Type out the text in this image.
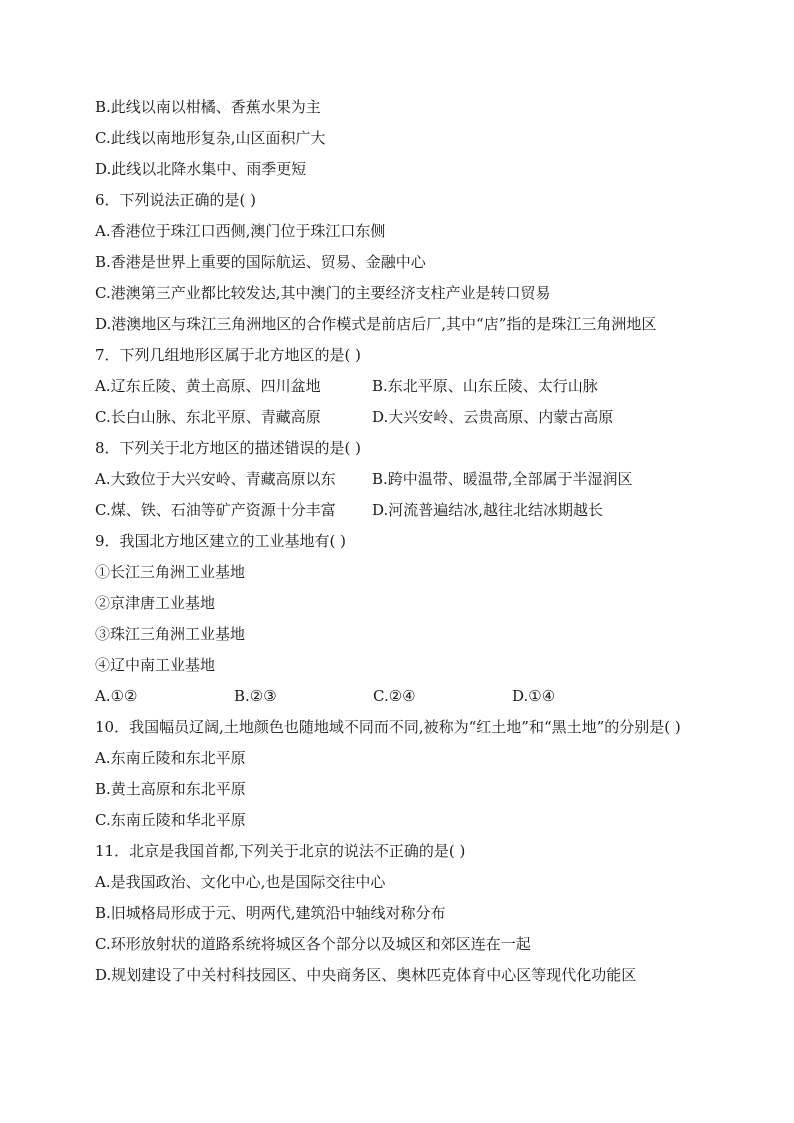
B.此线以南以柑橘、香蕉水果为主
C.此线以南地形复杂,山区面积广大
D.此线以北降水集中、雨季更短
6．下列说法正确的是( )
A.香港位于珠江口西侧,澳门位于珠江口东侧
B.香港是世界上重要的国际航运、贸易、金融中心
C.港澳第三产业都比较发达,其中澳门的主要经济支柱产业是转口贸易
D.港澳地区与珠江三角洲地区的合作模式是前店后厂,其中“店”指的是珠江三角洲地区
7．下列几组地形区属于北方地区的是( )
A.辽东丘陵、黄土高原、四川盆地	B.东北平原、山东丘陵、太行山脉
C.长白山脉、东北平原、青藏高原	D.大兴安岭、云贵高原、内蒙古高原
8．下列关于北方地区的描述错误的是( )
A.大致位于大兴安岭、青藏高原以东	B.跨中温带、暖温带,全部属于半湿润区
C.煤、铁、石油等矿产资源十分丰富	D.河流普遍结冰,越往北结冰期越长
9．我国北方地区建立的工业基地有( )
①长江三角洲工业基地
②京津唐工业基地
③珠江三角洲工业基地
④辽中南工业基地
A.①②	B.②③	C.②④	D.①④
10．我国幅员辽阔,土地颜色也随地域不同而不同,被称为“红土地”和“黑土地”的分别是( )
A.东南丘陵和东北平原
B.黄土高原和东北平原
C.东南丘陵和华北平原
11．北京是我国首都,下列关于北京的说法不正确的是( )
A.是我国政治、文化中心,也是国际交往中心
B.旧城格局形成于元、明两代,建筑沿中轴线对称分布
C.环形放射状的道路系统将城区各个部分以及城区和郊区连在一起
D.规划建设了中关村科技园区、中央商务区、奥林匹克体育中心区等现代化功能区
